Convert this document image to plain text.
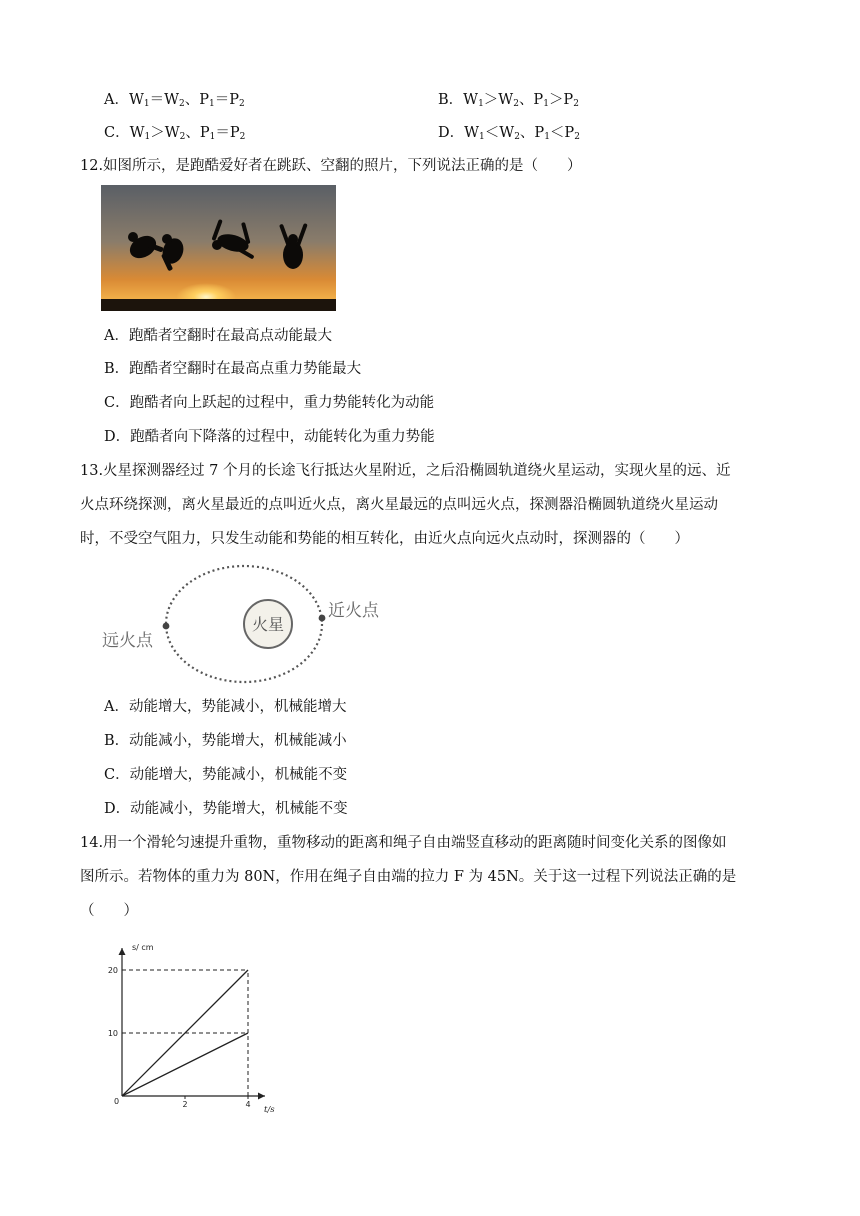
A．$W_1=W_2$、$P_1=P_2$	B．$W_1>W_2$、$P_1>P_2$
C．$W_1>W_2$、$P_1=P_2$	D．$W_1<W_2$、$P_1<P_2$
12.如图所示，是跑酷爱好者在跳跃、空翻的照片，下列说法正确的是（　　）
A．跑酷者空翻时在最高点动能最大
B．跑酷者空翻时在最高点重力势能最大
C．跑酷者向上跃起的过程中，重力势能转化为动能
D．跑酷者向下降落的过程中，动能转化为重力势能
13.火星探测器经过 7 个月的长途飞行抵达火星附近，之后沿椭圆轨道绕火星运动，实现火星的远、近
火点环绕探测，离火星最近的点叫近火点，离火星最远的点叫远火点，探测器沿椭圆轨道绕火星运动
时，不受空气阻力，只发生动能和势能的相互转化，由近火点向远火点动时，探测器的（　　）
火星
远火点
近火点
A．动能增大，势能减小，机械能增大
B．动能减小，势能增大，机械能减小
C．动能增大，势能减小，机械能不变
D．动能减小，势能增大，机械能不变
14.用一个滑轮匀速提升重物，重物移动的距离和绳子自由端竖直移动的距离随时间变化关系的图像如
图所示。若物体的重力为 80N，作用在绳子自由端的拉力 F 为 45N。关于这一过程下列说法正确的是
（　　）
s/ cm
t/s
0
10
20
2	4
